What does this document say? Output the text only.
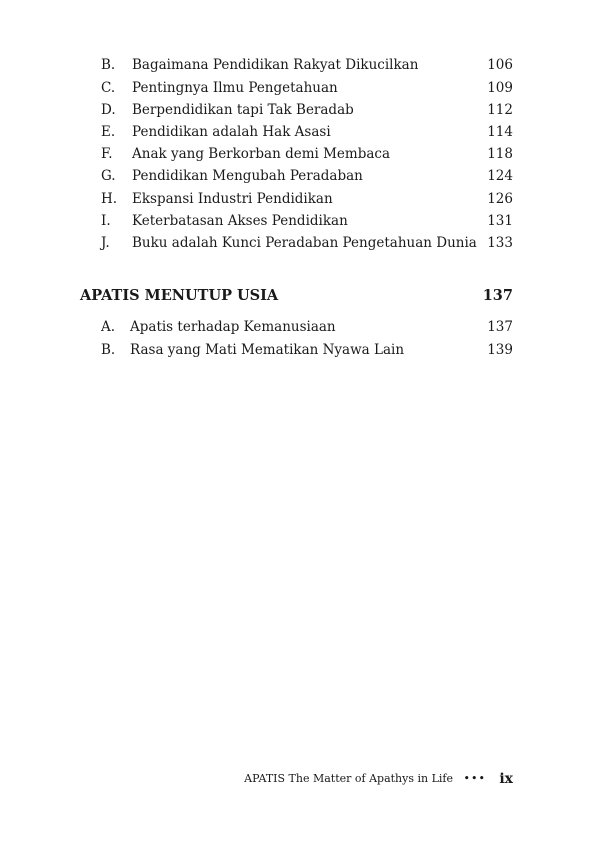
B. Bagaimana Pendidikan Rakyat Dikucilkan	106
C. Pentingnya Ilmu Pengetahuan	109
D. Berpendidikan tapi Tak Beradab	112
E. Pendidikan adalah Hak Asasi	114
F. Anak yang Berkorban demi Membaca	118
G. Pendidikan Mengubah Peradaban	124
H. Ekspansi Industri Pendidikan	126
I. Keterbatasan Akses Pendidikan	131
J. Buku adalah Kunci Peradaban Pengetahuan Dunia 133
APATIS MENUTUP USIA	137
A. Apatis terhadap Kemanusiaan	137
B. Rasa yang Mati Mematikan Nyawa Lain	139
APATIS The Matter of Apathys in Life ••• ix
